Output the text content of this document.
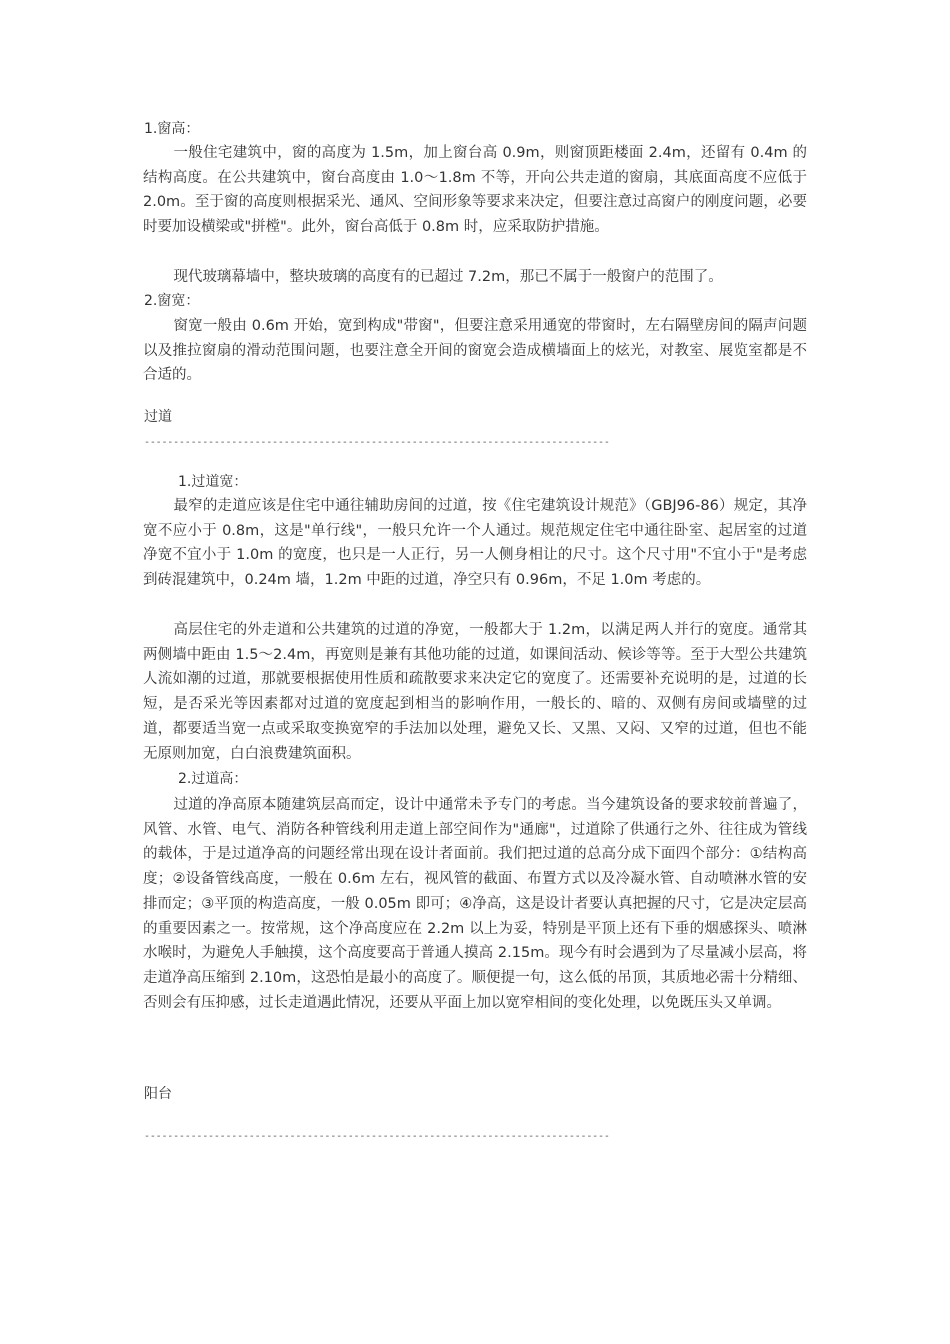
1.窗高：
一般住宅建筑中，窗的高度为 1.5m，加上窗台高 0.9m，则窗顶距楼面 2.4m，还留有 0.4m 的结构高度。在公共建筑中，窗台高度由 1.0～1.8m 不等，开向公共走道的窗扇，其底面高度不应低于 2.0m。至于窗的高度则根据采光、通风、空间形象等要求来决定，但要注意过高窗户的刚度问题，必要时要加设横梁或"拼樘"。此外，窗台高低于 0.8m 时，应采取防护措施。
现代玻璃幕墙中，整块玻璃的高度有的已超过 7.2m，那已不属于一般窗户的范围了。
2.窗宽：
窗宽一般由 0.6m 开始，宽到构成"带窗"，但要注意采用通宽的带窗时，左右隔壁房间的隔声问题以及推拉窗扇的滑动范围问题，也要注意全开间的窗宽会造成横墙面上的炫光，对教室、展览室都是不合适的。
过道
--------------------------------------------------------------------------------
1.过道宽：
最窄的走道应该是住宅中通往辅助房间的过道，按《住宅建筑设计规范》（GBJ96-86）规定，其净宽不应小于 0.8m，这是"单行线"，一般只允许一个人通过。规范规定住宅中通往卧室、起居室的过道净宽不宜小于 1.0m 的宽度，也只是一人正行，另一人侧身相让的尺寸。这个尺寸用"不宜小于"是考虑到砖混建筑中，0.24m 墙，1.2m 中距的过道，净空只有 0.96m，不足 1.0m 考虑的。
高层住宅的外走道和公共建筑的过道的净宽，一般都大于 1.2m，以满足两人并行的宽度。通常其两侧墙中距由 1.5～2.4m，再宽则是兼有其他功能的过道，如课间活动、候诊等等。至于大型公共建筑人流如潮的过道，那就要根据使用性质和疏散要求来决定它的宽度了。还需要补充说明的是，过道的长短，是否采光等因素都对过道的宽度起到相当的影响作用，一般长的、暗的、双侧有房间或墙壁的过道，都要适当宽一点或采取变换宽窄的手法加以处理，避免又长、又黑、又闷、又窄的过道，但也不能无原则加宽，白白浪费建筑面积。
2.过道高：
过道的净高原本随建筑层高而定，设计中通常未予专门的考虑。当今建筑设备的要求较前普遍了，风管、水管、电气、消防各种管线利用走道上部空间作为"通廊"，过道除了供通行之外、往往成为管线的载体，于是过道净高的问题经常出现在设计者面前。我们把过道的总高分成下面四个部分：①结构高度；②设备管线高度，一般在 0.6m 左右，视风管的截面、布置方式以及冷凝水管、自动喷淋水管的安排而定；③平顶的构造高度，一般 0.05m 即可；④净高，这是设计者要认真把握的尺寸，它是决定层高的重要因素之一。按常规，这个净高度应在 2.2m 以上为妥，特别是平顶上还有下垂的烟感探头、喷淋水喉时，为避免人手触摸，这个高度要高于普通人摸高 2.15m。现今有时会遇到为了尽量减小层高，将走道净高压缩到 2.10m，这恐怕是最小的高度了。顺便提一句，这么低的吊顶，其质地必需十分精细、否则会有压抑感，过长走道遇此情况，还要从平面上加以宽窄相间的变化处理，以免既压头又单调。
阳台
--------------------------------------------------------------------------------
